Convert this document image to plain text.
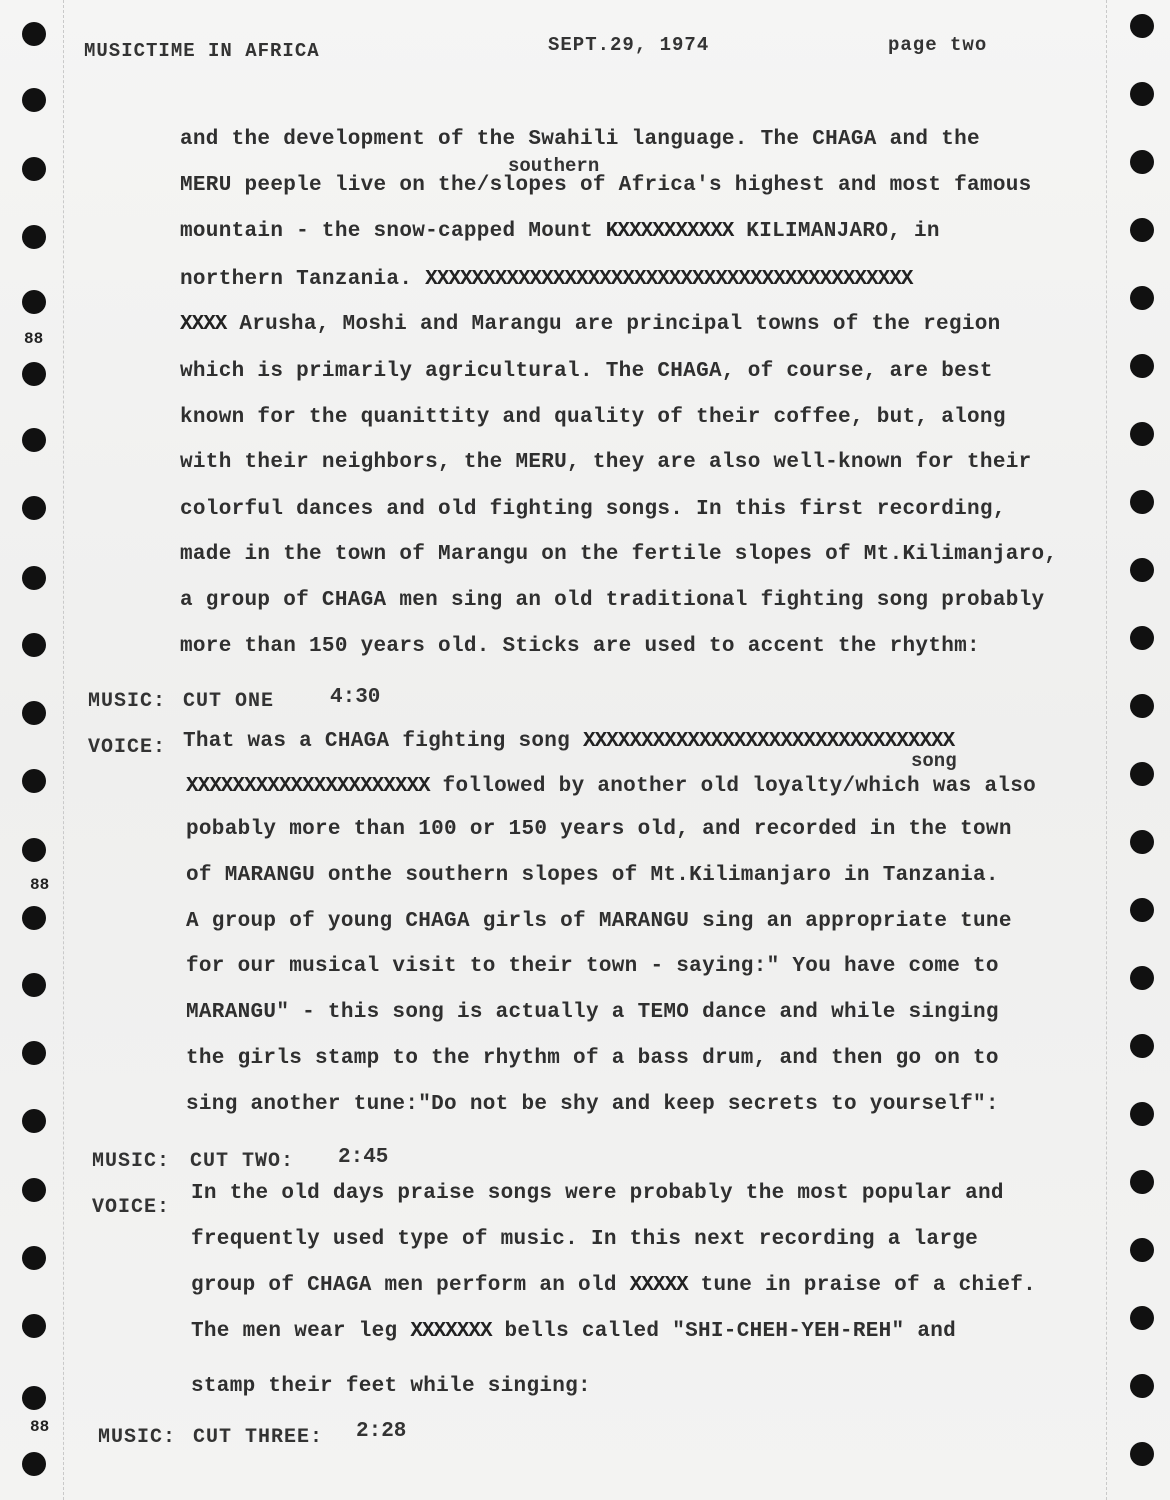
88
88
88
MUSICTIME IN AFRICA	SEPT.29, 1974	page two
southern
song
and the development of the Swahili language. The CHAGA and the
MERU peeple live on the/slopes of Africa's highest and most famous
mountain - the snow-capped Mount KXXXXXXXXXX KILIMANJARO, in
northern Tanzania. XXXXXXXXXXXXXXXXXXXXXXXXXXXXXXXXXXXXXXXXXX
XXXX Arusha, Moshi and Marangu are principal towns of the region
which is primarily agricultural. The CHAGA, of course, are best
known for the quanittity and quality of their coffee, but, along
with their neighbors, the MERU, they are also well-known for their
colorful dances and old fighting songs. In this first recording,
made in the town of Marangu on the fertile slopes of Mt.Kilimanjaro,
a group of CHAGA men sing an old traditional fighting song probably
more than 150 years old. Sticks are used to accent the rhythm:
MUSIC: CUT ONE	4:30
VOICE: That was a CHAGA fighting song XXXXXXXXXXXXXXXXXXXXXXXXXXXXXXXX
XXXXXXXXXXXXXXXXXXXXX followed by another old loyalty/which was also
pobably more than 100 or 150 years old, and recorded in the town
of MARANGU onthe southern slopes of Mt.Kilimanjaro in Tanzania.
A group of young CHAGA girls of MARANGU sing an appropriate tune
for our musical visit to their town - saying:" You have come to
MARANGU" - this song is actually a TEMO dance and while singing
the girls stamp to the rhythm of a bass drum, and then go on to
sing another tune:"Do not be shy and keep secrets to yourself":
MUSIC: CUT TWO: 2:45
VOICE:
In the old days praise songs were probably the most popular and
frequently used type of music. In this next recording a large
group of CHAGA men perform an old XXXXX tune in praise of a chief.
The men wear leg XXXXXXX bells called "SHI-CHEH-YEH-REH" and
stamp their feet while singing:
MUSIC: CUT THREE: 2:28
